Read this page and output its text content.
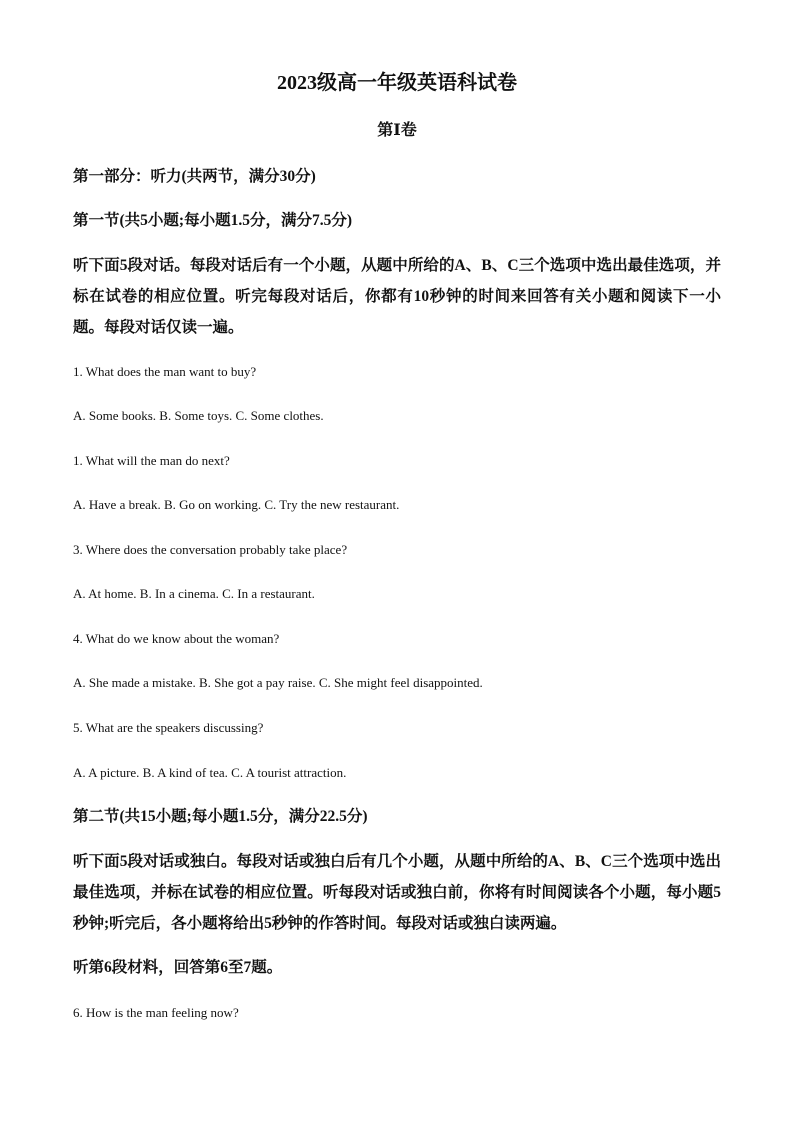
2023级高一年级英语科试卷
第Ⅰ卷
第一部分：听力(共两节，满分30分)
第一节(共5小题;每小题1.5分，满分7.5分)
听下面5段对话。每段对话后有一个小题，从题中所给的A、B、C三个选项中选出最佳选项，并标在试卷的相应位置。听完每段对话后，你都有10秒钟的时间来回答有关小题和阅读下一小题。每段对话仅读一遍。
1. What does the man want to buy?
A. Some books. B. Some toys. C. Some clothes.
1. What will the man do next?
A. Have a break. B. Go on working. C. Try the new restaurant.
3. Where does the conversation probably take place?
A. At home. B. In a cinema. C. In a restaurant.
4. What do we know about the woman?
A. She made a mistake. B. She got a pay raise. C. She might feel disappointed.
5. What are the speakers discussing?
A. A picture. B. A kind of tea. C. A tourist attraction.
第二节(共15小题;每小题1.5分，满分22.5分)
听下面5段对话或独白。每段对话或独白后有几个小题，从题中所给的A、B、C三个选项中选出最佳选项，并标在试卷的相应位置。听每段对话或独白前，你将有时间阅读各个小题，每小题5秒钟;听完后，各小题将给出5秒钟的作答时间。每段对话或独白读两遍。
听第6段材料，回答第6至7题。
6. How is the man feeling now?
